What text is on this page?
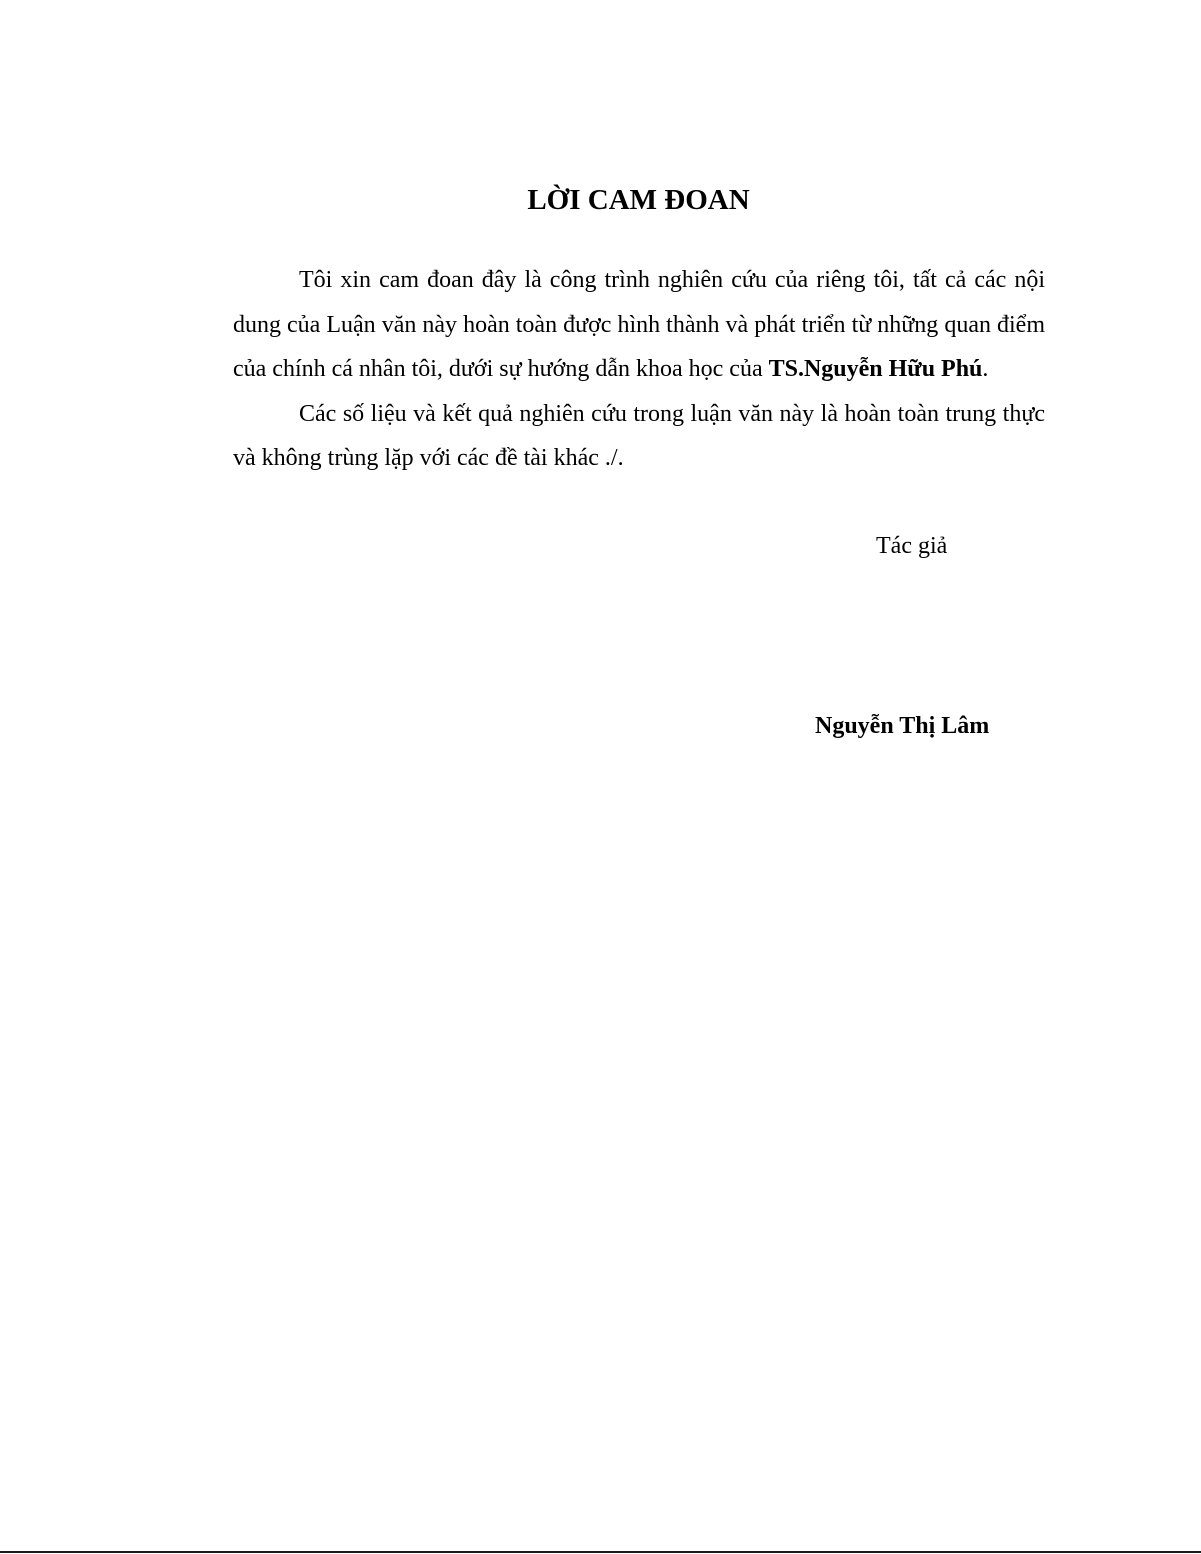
LỜI CAM ĐOAN

Tôi xin cam đoan đây là công trình nghiên cứu của riêng tôi, tất cả các nội dung của Luận văn này hoàn toàn được hình thành và phát triển từ những quan điểm của chính cá nhân tôi, dưới sự hướng dẫn khoa học của TS.Nguyễn Hữu Phú.

Các số liệu và kết quả nghiên cứu trong luận văn này là hoàn toàn trung thực và không trùng lặp với các đề tài khác ./.

Tác giả
Nguyễn Thị Lâm
